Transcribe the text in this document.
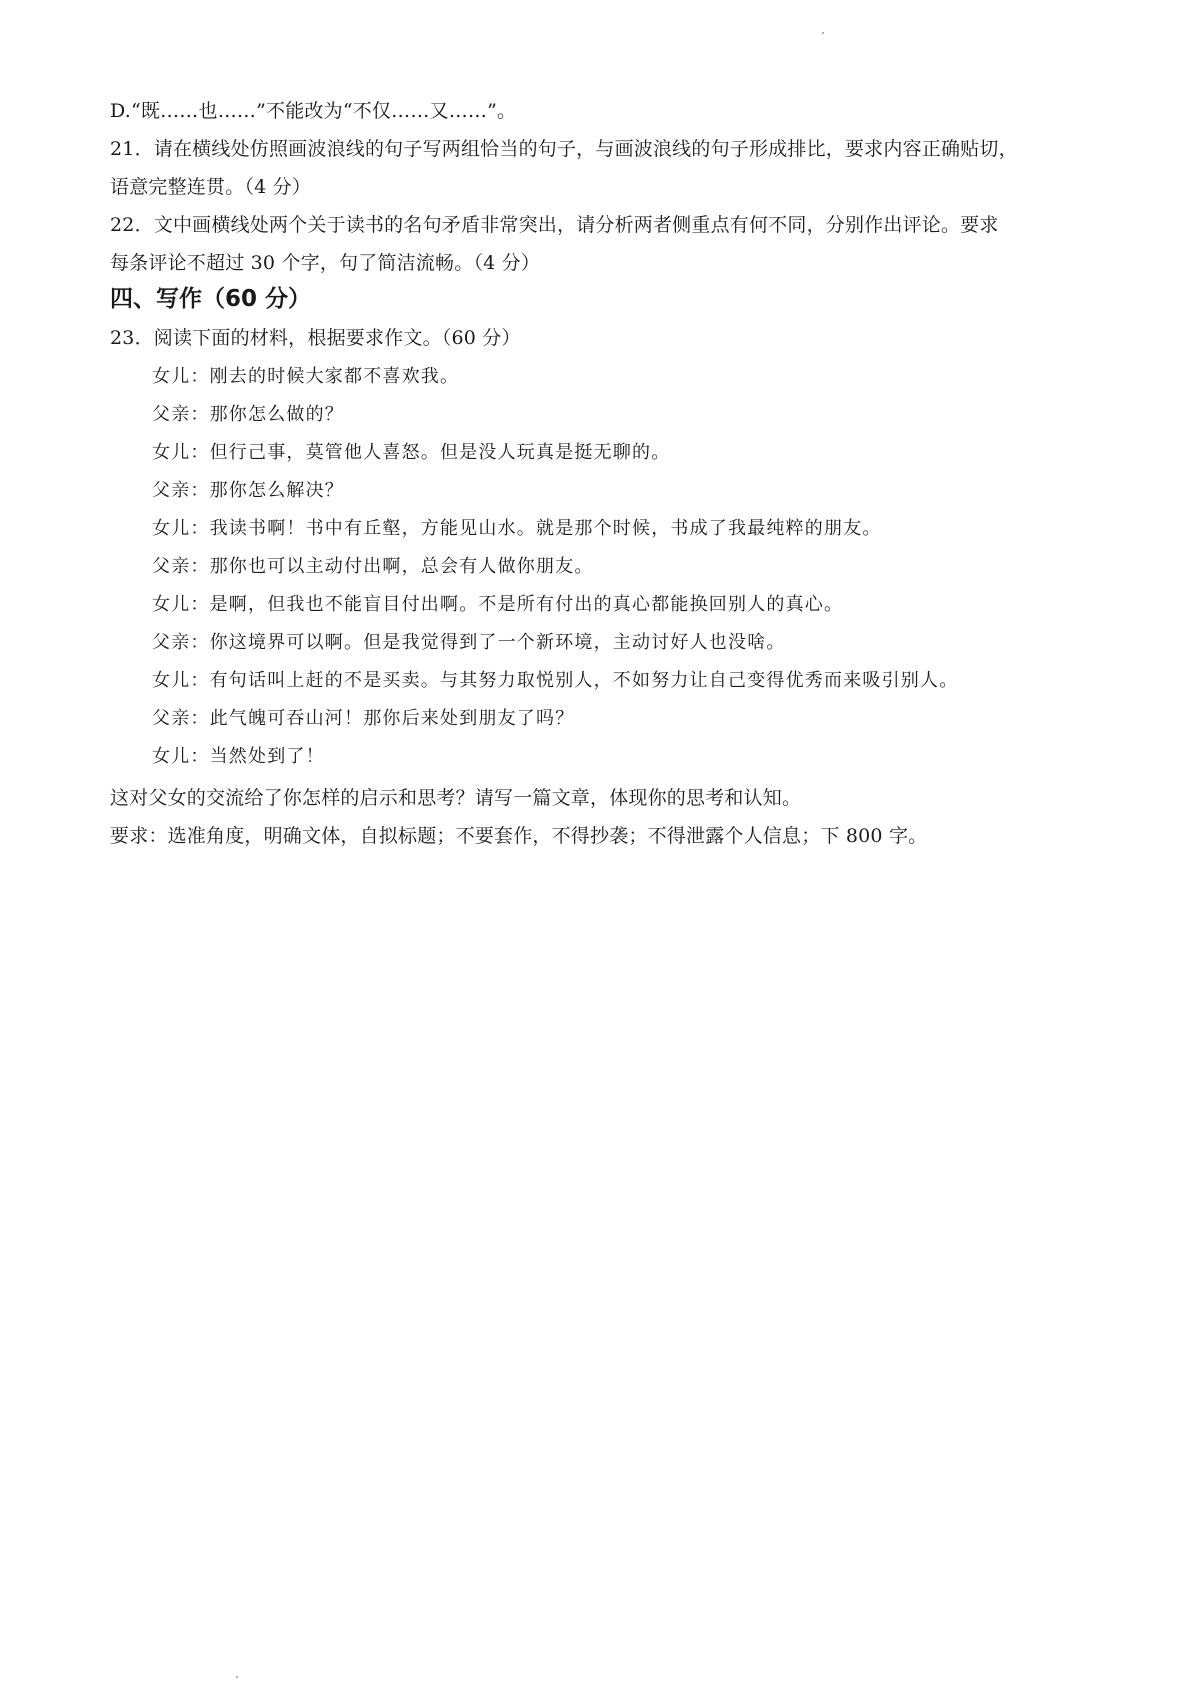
D.“既……也……”不能改为“不仅……又……”。
21．请在横线处仿照画波浪线的句子写两组恰当的句子，与画波浪线的句子形成排比，要求内容正确贴切，
语意完整连贯。（4 分）
22．文中画横线处两个关于读书的名句矛盾非常突出，请分析两者侧重点有何不同，分别作出评论。要求
每条评论不超过 30 个字，句了简洁流畅。（4 分）
四、写作（60 分）
23．阅读下面的材料，根据要求作文。（60 分）
女儿：刚去的时候大家都不喜欢我。
父亲：那你怎么做的？
女儿：但行己事，莫管他人喜怒。但是没人玩真是挺无聊的。
父亲：那你怎么解决？
女儿：我读书啊！书中有丘壑，方能见山水。就是那个时候，书成了我最纯粹的朋友。
父亲：那你也可以主动付出啊，总会有人做你朋友。
女儿：是啊，但我也不能盲目付出啊。不是所有付出的真心都能换回别人的真心。
父亲：你这境界可以啊。但是我觉得到了一个新环境，主动讨好人也没啥。
女儿：有句话叫上赶的不是买卖。与其努力取悦别人，不如努力让自己变得优秀而来吸引别人。
父亲：此气魄可吞山河！那你后来处到朋友了吗？
女儿：当然处到了！
这对父女的交流给了你怎样的启示和思考？请写一篇文章，体现你的思考和认知。
要求：选准角度，明确文体，自拟标题；不要套作，不得抄袭；不得泄露个人信息；下 800 字。
